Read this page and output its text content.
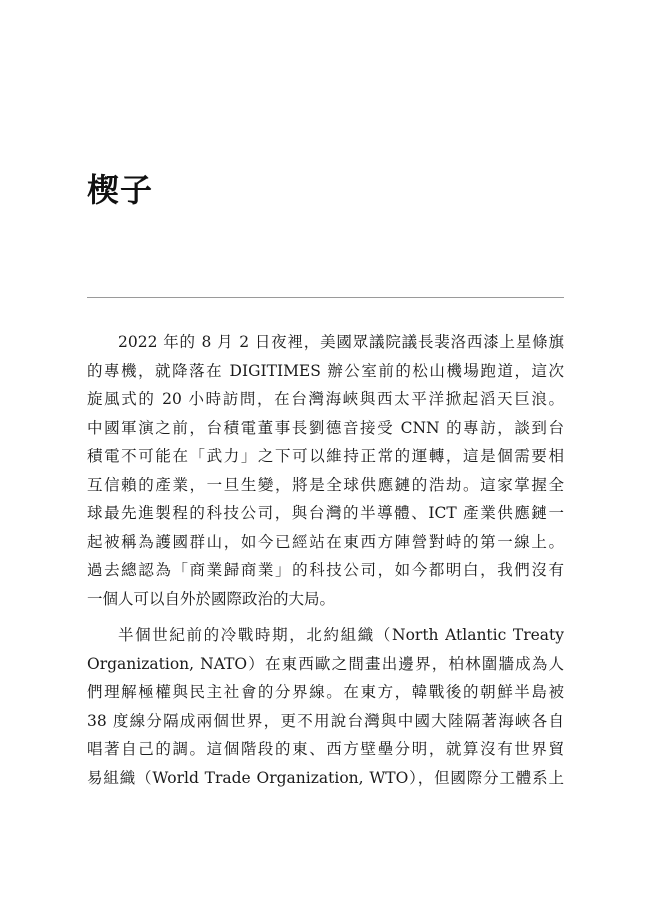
楔子
2022 年的 8 月 2 日夜裡，美國眾議院議長裴洛西漆上星條旗
的專機，就降落在 DIGITIMES 辦公室前的松山機場跑道，這次
旋風式的 20 小時訪問，在台灣海峽與西太平洋掀起滔天巨浪。
中國軍演之前，台積電董事長劉德音接受 CNN 的專訪，談到台
積電不可能在「武力」之下可以維持正常的運轉，這是個需要相
互信賴的產業，一旦生變，將是全球供應鏈的浩劫。這家掌握全
球最先進製程的科技公司，與台灣的半導體、ICT 產業供應鏈一
起被稱為護國群山，如今已經站在東西方陣營對峙的第一線上。
過去總認為「商業歸商業」的科技公司，如今都明白，我們沒有
一個人可以自外於國際政治的大局。
半個世紀前的冷戰時期，北約組織（North Atlantic Treaty
Organization, NATO）在東西歐之間畫出邊界，柏林圍牆成為人
們理解極權與民主社會的分界線。在東方，韓戰後的朝鮮半島被
38 度線分隔成兩個世界，更不用說台灣與中國大陸隔著海峽各自
唱著自己的調。這個階段的東、西方壁壘分明，就算沒有世界貿
易組織（World Trade Organization, WTO），但國際分工體系上
